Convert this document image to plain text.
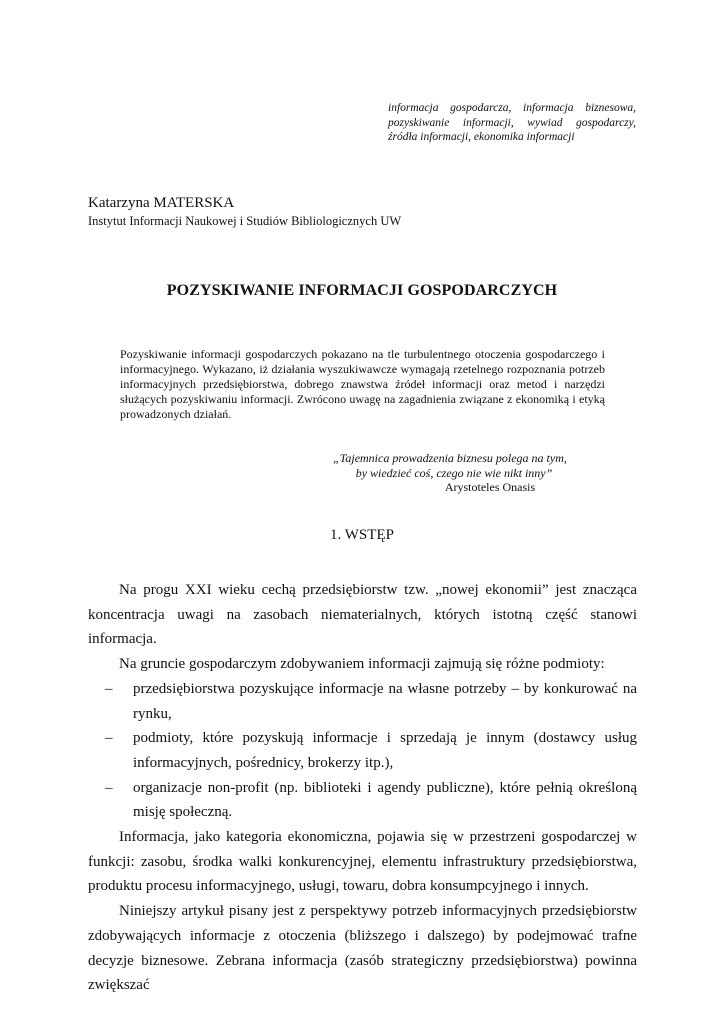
informacja gospodarcza, informacja biznesowa, pozyskiwanie informacji, wywiad gospodarczy, źródła informacji, ekonomika informacji
Katarzyna MATERSKA
Instytut Informacji Naukowej i Studiów Bibliologicznych UW
POZYSKIWANIE INFORMACJI GOSPODARCZYCH
Pozyskiwanie informacji gospodarczych pokazano na tle turbulentnego otoczenia gospodarczego i informacyjnego. Wykazano, iż działania wyszukiwawcze wymagają rzetelnego rozpoznania potrzeb informacyjnych przedsiębiorstwa, dobrego znawstwa źródeł informacji oraz metod i narzędzi służących pozyskiwaniu informacji. Zwrócono uwagę na zagadnienia związane z ekonomiką i etyką prowadzonych działań.
„Tajemnica prowadzenia biznesu polega na tym,
by wiedzieć coś, czego nie wie nikt inny”
Arystoteles Onasis
1. WSTĘP

Na progu XXI wieku cechą przedsiębiorstw tzw. „nowej ekonomii” jest znacząca koncentracja uwagi na zasobach niematerialnych, których istotną część stanowi informacja.

Na gruncie gospodarczym zdobywaniem informacji zajmują się różne podmioty:

– przedsiębiorstwa pozyskujące informacje na własne potrzeby – by konkurować na rynku,
– podmioty, które pozyskują informacje i sprzedają je innym (dostawcy usług informacyjnych, pośrednicy, brokerzy itp.),
– organizacje non-profit (np. biblioteki i agendy publiczne), które pełnią określoną misję społeczną.

Informacja, jako kategoria ekonomiczna, pojawia się w przestrzeni gospodarczej w funkcji: zasobu, środka walki konkurencyjnej, elementu infrastruktury przedsiębiorstwa, produktu procesu informacyjnego, usługi, towaru, dobra konsumpcyjnego i innych.

Niniejszy artykuł pisany jest z perspektywy potrzeb informacyjnych przedsiębiorstw zdobywających informacje z otoczenia (bliższego i dalszego) by podejmować trafne decyzje biznesowe. Zebrana informacja (zasób strategiczny przedsiębiorstwa) powinna zwiększać
